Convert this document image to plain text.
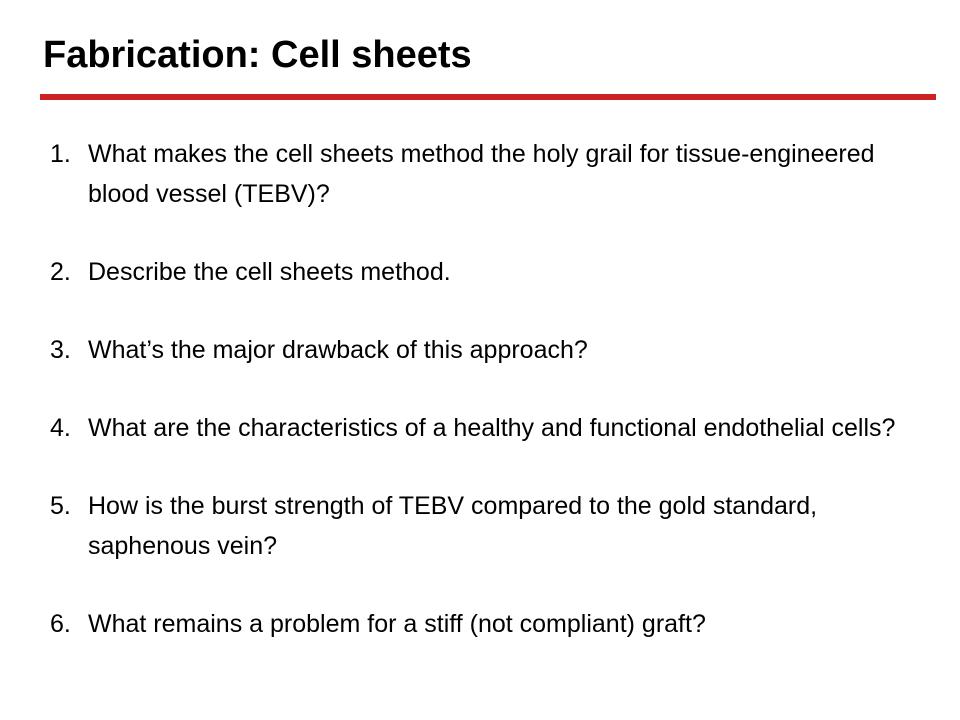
Fabrication: Cell sheets
1. What makes the cell sheets method the holy grail for tissue-engineered blood vessel (TEBV)?
2. Describe the cell sheets method.
3. What’s the major drawback of this approach?
4. What are the characteristics of a healthy and functional endothelial cells?
5. How is the burst strength of TEBV compared to the gold standard, saphenous vein?
6. What remains a problem for a stiff (not compliant) graft?
